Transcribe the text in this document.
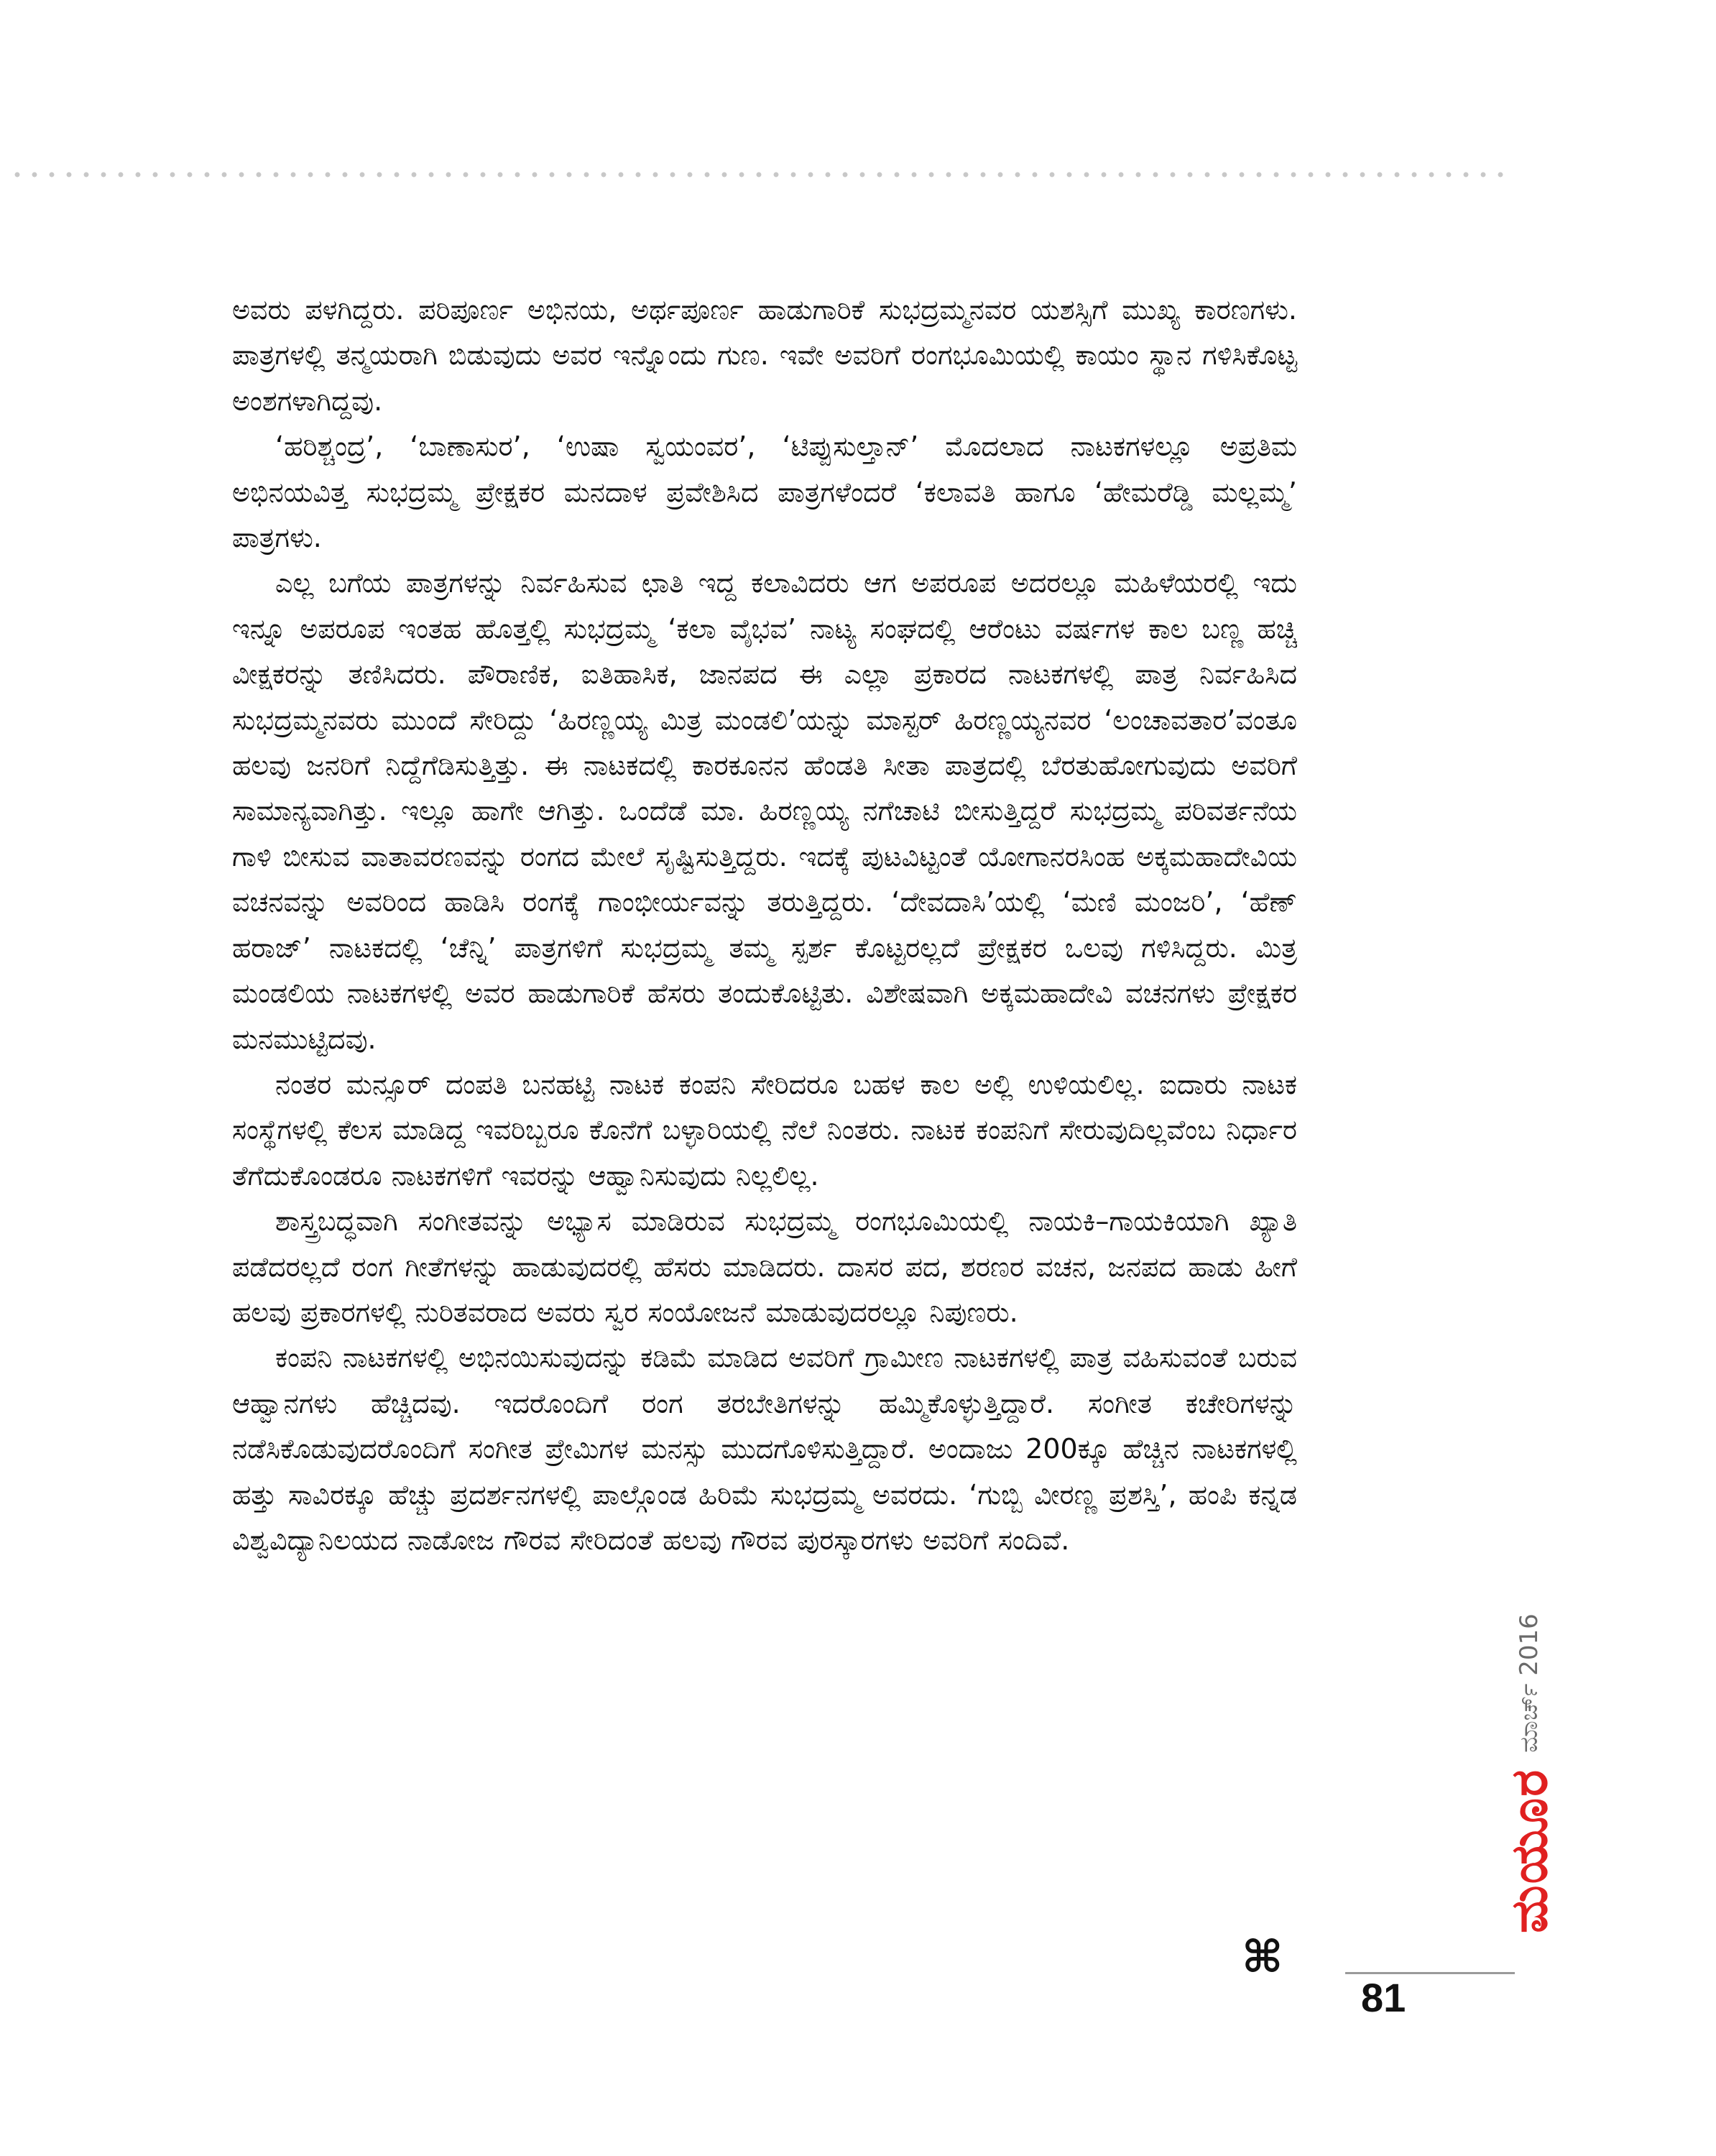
ಅವರು ಪಳಗಿದ್ದರು. ಪರಿಪೂರ್ಣ ಅಭಿನಯ, ಅರ್ಥಪೂರ್ಣ ಹಾಡುಗಾರಿಕೆ ಸುಭದ್ರಮ್ಮನವರ ಯಶಸ್ಸಿಗೆ ಮುಖ್ಯ ಕಾರಣಗಳು. ಪಾತ್ರಗಳಲ್ಲಿ ತನ್ಮಯರಾಗಿ ಬಿಡುವುದು ಅವರ ಇನ್ನೊಂದು ಗುಣ. ಇವೇ ಅವರಿಗೆ ರಂಗಭೂಮಿಯಲ್ಲಿ ಕಾಯಂ ಸ್ಥಾನ ಗಳಿಸಿಕೊಟ್ಟ ಅಂಶಗಳಾಗಿದ್ದವು.

‘ಹರಿಶ್ಚಂದ್ರ’, ‘ಬಾಣಾಸುರ’, ‘ಉಷಾ ಸ್ವಯಂವರ’, ‘ಟಿಪ್ಪುಸುಲ್ತಾನ್’ ಮೊದಲಾದ ನಾಟಕಗಳಲ್ಲೂ ಅಪ್ರತಿಮ ಅಭಿನಯವಿತ್ತ ಸುಭದ್ರಮ್ಮ ಪ್ರೇಕ್ಷಕರ ಮನದಾಳ ಪ್ರವೇಶಿಸಿದ ಪಾತ್ರಗಳೆಂದರೆ ‘ಕಲಾವತಿ ಹಾಗೂ ‘ಹೇಮರೆಡ್ಡಿ ಮಲ್ಲಮ್ಮ’ ಪಾತ್ರಗಳು.

ಎಲ್ಲ ಬಗೆಯ ಪಾತ್ರಗಳನ್ನು ನಿರ್ವಹಿಸುವ ಛಾತಿ ಇದ್ದ ಕಲಾವಿದರು ಆಗ ಅಪರೂಪ ಅದರಲ್ಲೂ ಮಹಿಳೆಯರಲ್ಲಿ ಇದು ಇನ್ನೂ ಅಪರೂಪ ಇಂತಹ ಹೊತ್ತಲ್ಲಿ ಸುಭದ್ರಮ್ಮ ‘ಕಲಾ ವೈಭವ’ ನಾಟ್ಯ ಸಂಘದಲ್ಲಿ ಆರೆಂಟು ವರ್ಷಗಳ ಕಾಲ ಬಣ್ಣ ಹಚ್ಚಿ ವೀಕ್ಷಕರನ್ನು ತಣಿಸಿದರು. ಪೌರಾಣಿಕ, ಐತಿಹಾಸಿಕ, ಜಾನಪದ ಈ ಎಲ್ಲಾ ಪ್ರಕಾರದ ನಾಟಕಗಳಲ್ಲಿ ಪಾತ್ರ ನಿರ್ವಹಿಸಿದ ಸುಭದ್ರಮ್ಮನವರು ಮುಂದೆ ಸೇರಿದ್ದು ‘ಹಿರಣ್ಣಯ್ಯ ಮಿತ್ರ ಮಂಡಲಿ’ಯನ್ನು ಮಾಸ್ಟರ್ ಹಿರಣ್ಣಯ್ಯನವರ ‘ಲಂಚಾವತಾರ’ವಂತೂ ಹಲವು ಜನರಿಗೆ ನಿದ್ದೆಗೆಡಿಸುತ್ತಿತ್ತು. ಈ ನಾಟಕದಲ್ಲಿ ಕಾರಕೂನನ ಹೆಂಡತಿ ಸೀತಾ ಪಾತ್ರದಲ್ಲಿ ಬೆರತುಹೋಗುವುದು ಅವರಿಗೆ ಸಾಮಾನ್ಯವಾಗಿತ್ತು. ಇಲ್ಲೂ ಹಾಗೇ ಆಗಿತ್ತು. ಒಂದೆಡೆ ಮಾ. ಹಿರಣ್ಣಯ್ಯ ನಗೆಚಾಟಿ ಬೀಸುತ್ತಿದ್ದರೆ ಸುಭದ್ರಮ್ಮ ಪರಿವರ್ತನೆಯ ಗಾಳಿ ಬೀಸುವ ವಾತಾವರಣವನ್ನು ರಂಗದ ಮೇಲೆ ಸೃಷ್ಟಿಸುತ್ತಿದ್ದರು. ಇದಕ್ಕೆ ಪುಟವಿಟ್ಟಂತೆ ಯೋಗಾನರಸಿಂಹ ಅಕ್ಕಮಹಾದೇವಿಯ ವಚನವನ್ನು ಅವರಿಂದ ಹಾಡಿಸಿ ರಂಗಕ್ಕೆ ಗಾಂಭೀರ್ಯವನ್ನು ತರುತ್ತಿದ್ದರು. ‘ದೇವದಾಸಿ’ಯಲ್ಲಿ ‘ಮಣಿ ಮಂಜರಿ’, ‘ಹೆಣ್ ಹರಾಜ್’ ನಾಟಕದಲ್ಲಿ ‘ಚೆನ್ನಿ’ ಪಾತ್ರಗಳಿಗೆ ಸುಭದ್ರಮ್ಮ ತಮ್ಮ ಸ್ಪರ್ಶ ಕೊಟ್ಟರಲ್ಲದೆ ಪ್ರೇಕ್ಷಕರ ಒಲವು ಗಳಿಸಿದ್ದರು. ಮಿತ್ರ ಮಂಡಲಿಯ ನಾಟಕಗಳಲ್ಲಿ ಅವರ ಹಾಡುಗಾರಿಕೆ ಹೆಸರು ತಂದುಕೊಟ್ಟಿತು. ವಿಶೇಷವಾಗಿ ಅಕ್ಕಮಹಾದೇವಿ ವಚನಗಳು ಪ್ರೇಕ್ಷಕರ ಮನಮುಟ್ಟಿದವು.

ನಂತರ ಮನ್ಸೂರ್ ದಂಪತಿ ಬನಹಟ್ಟಿ ನಾಟಕ ಕಂಪನಿ ಸೇರಿದರೂ ಬಹಳ ಕಾಲ ಅಲ್ಲಿ ಉಳಿಯಲಿಲ್ಲ. ಐದಾರು ನಾಟಕ ಸಂಸ್ಥೆಗಳಲ್ಲಿ ಕೆಲಸ ಮಾಡಿದ್ದ ಇವರಿಬ್ಬರೂ ಕೊನೆಗೆ ಬಳ್ಳಾರಿಯಲ್ಲಿ ನೆಲೆ ನಿಂತರು. ನಾಟಕ ಕಂಪನಿಗೆ ಸೇರುವುದಿಲ್ಲವೆಂಬ ನಿರ್ಧಾರ ತೆಗೆದುಕೊಂಡರೂ ನಾಟಕಗಳಿಗೆ ಇವರನ್ನು ಆಹ್ವಾನಿಸುವುದು ನಿಲ್ಲಲಿಲ್ಲ.

ಶಾಸ್ತ್ರಬದ್ಧವಾಗಿ ಸಂಗೀತವನ್ನು ಅಭ್ಯಾಸ ಮಾಡಿರುವ ಸುಭದ್ರಮ್ಮ ರಂಗಭೂಮಿಯಲ್ಲಿ ನಾಯಕಿ–ಗಾಯಕಿಯಾಗಿ ಖ್ಯಾತಿ ಪಡೆದರಲ್ಲದೆ ರಂಗ ಗೀತೆಗಳನ್ನು ಹಾಡುವುದರಲ್ಲಿ ಹೆಸರು ಮಾಡಿದರು. ದಾಸರ ಪದ, ಶರಣರ ವಚನ, ಜನಪದ ಹಾಡು ಹೀಗೆ ಹಲವು ಪ್ರಕಾರಗಳಲ್ಲಿ ನುರಿತವರಾದ ಅವರು ಸ್ವರ ಸಂಯೋಜನೆ ಮಾಡುವುದರಲ್ಲೂ ನಿಪುಣರು.

ಕಂಪನಿ ನಾಟಕಗಳಲ್ಲಿ ಅಭಿನಯಿಸುವುದನ್ನು ಕಡಿಮೆ ಮಾಡಿದ ಅವರಿಗೆ ಗ್ರಾಮೀಣ ನಾಟಕಗಳಲ್ಲಿ ಪಾತ್ರ ವಹಿಸುವಂತೆ ಬರುವ ಆಹ್ವಾನಗಳು ಹೆಚ್ಚಿದವು. ಇದರೊಂದಿಗೆ ರಂಗ ತರಬೇತಿಗಳನ್ನು ಹಮ್ಮಿಕೊಳ್ಳುತ್ತಿದ್ದಾರೆ. ಸಂಗೀತ ಕಚೇರಿಗಳನ್ನು ನಡೆಸಿಕೊಡುವುದರೊಂದಿಗೆ ಸಂಗೀತ ಪ್ರೇಮಿಗಳ ಮನಸ್ಸು ಮುದಗೊಳಿಸುತ್ತಿದ್ದಾರೆ. ಅಂದಾಜು 200ಕ್ಕೂ ಹೆಚ್ಚಿನ ನಾಟಕಗಳಲ್ಲಿ ಹತ್ತು ಸಾವಿರಕ್ಕೂ ಹೆಚ್ಚು ಪ್ರದರ್ಶನಗಳಲ್ಲಿ ಪಾಲ್ಗೊಂಡ ಹಿರಿಮೆ ಸುಭದ್ರಮ್ಮ ಅವರದು. ‘ಗುಬ್ಬಿ ವೀರಣ್ಣ ಪ್ರಶಸ್ತಿ’, ಹಂಪಿ ಕನ್ನಡ ವಿಶ್ವವಿದ್ಯಾನಿಲಯದ ನಾಡೋಜ ಗೌರವ ಸೇರಿದಂತೆ ಹಲವು ಗೌರವ ಪುರಸ್ಕಾರಗಳು ಅವರಿಗೆ ಸಂದಿವೆ.

⌘
ಮಯೂರ
ಮಾರ್ಚ್ 2016
81
